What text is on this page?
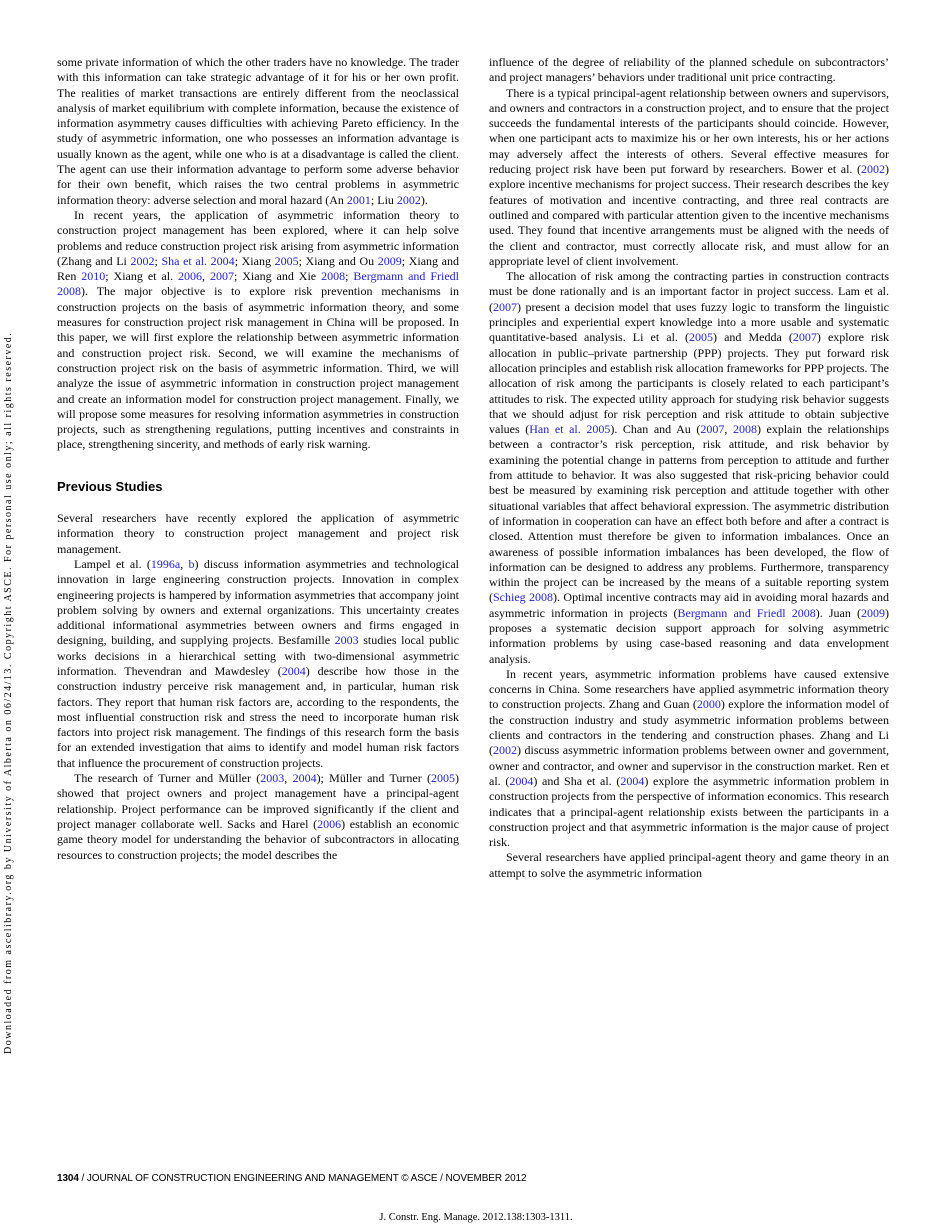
Downloaded from ascelibrary.org by University of Alberta on 06/24/13. Copyright ASCE. For personal use only; all rights reserved.

some private information of which the other traders have no knowledge. The trader with this information can take strategic advantage of it for his or her own profit. The realities of market transactions are entirely different from the neoclassical analysis of market equilibrium with complete information, because the existence of information asymmetry causes difficulties with achieving Pareto efficiency. In the study of asymmetric information, one who possesses an information advantage is usually known as the agent, while one who is at a disadvantage is called the client. The agent can use their information advantage to perform some adverse behavior for their own benefit, which raises the two central problems in asymmetric information theory: adverse selection and moral hazard (An 2001; Liu 2002).

In recent years, the application of asymmetric information theory to construction project management has been explored, where it can help solve problems and reduce construction project risk arising from asymmetric information (Zhang and Li 2002; Sha et al. 2004; Xiang 2005; Xiang and Ou 2009; Xiang and Ren 2010; Xiang et al. 2006, 2007; Xiang and Xie 2008; Bergmann and Friedl 2008). The major objective is to explore risk prevention mechanisms in construction projects on the basis of asymmetric information theory, and some measures for construction project risk management in China will be proposed. In this paper, we will first explore the relationship between asymmetric information and construction project risk. Second, we will examine the mechanisms of construction project risk on the basis of asymmetric information. Third, we will analyze the issue of asymmetric information in construction project management and create an information model for construction project management. Finally, we will propose some measures for resolving information asymmetries in construction projects, such as strengthening regulations, putting incentives and constraints in place, strengthening sincerity, and methods of early risk warning.

Previous Studies

Several researchers have recently explored the application of asymmetric information theory to construction project management and project risk management.

Lampel et al. (1996a, b) discuss information asymmetries and technological innovation in large engineering construction projects. Innovation in complex engineering projects is hampered by information asymmetries that accompany joint problem solving by owners and external organizations. This uncertainty creates additional informational asymmetries between owners and firms engaged in designing, building, and supplying projects. Besfamille 2003 studies local public works decisions in a hierarchical setting with two-dimensional asymmetric information. Thevendran and Mawdesley (2004) describe how those in the construction industry perceive risk management and, in particular, human risk factors. They report that human risk factors are, according to the respondents, the most influential construction risk and stress the need to incorporate human risk factors into project risk management. The findings of this research form the basis for an extended investigation that aims to identify and model human risk factors that influence the procurement of construction projects.

The research of Turner and Müller (2003, 2004); Müller and Turner (2005) showed that project owners and project management have a principal-agent relationship. Project performance can be improved significantly if the client and project manager collaborate well. Sacks and Harel (2006) establish an economic game theory model for understanding the behavior of subcontractors in allocating resources to construction projects; the model describes the

influence of the degree of reliability of the planned schedule on subcontractors’ and project managers’ behaviors under traditional unit price contracting.

There is a typical principal-agent relationship between owners and supervisors, and owners and contractors in a construction project, and to ensure that the project succeeds the fundamental interests of the participants should coincide. However, when one participant acts to maximize his or her own interests, his or her actions may adversely affect the interests of others. Several effective measures for reducing project risk have been put forward by researchers. Bower et al. (2002) explore incentive mechanisms for project success. Their research describes the key features of motivation and incentive contracting, and three real contracts are outlined and compared with particular attention given to the incentive mechanisms used. They found that incentive arrangements must be aligned with the needs of the client and contractor, must correctly allocate risk, and must allow for an appropriate level of client involvement.

The allocation of risk among the contracting parties in construction contracts must be done rationally and is an important factor in project success. Lam et al. (2007) present a decision model that uses fuzzy logic to transform the linguistic principles and experiential expert knowledge into a more usable and systematic quantitative-based analysis. Li et al. (2005) and Medda (2007) explore risk allocation in public–private partnership (PPP) projects. They put forward risk allocation principles and establish risk allocation frameworks for PPP projects. The allocation of risk among the participants is closely related to each participant’s attitudes to risk. The expected utility approach for studying risk behavior suggests that we should adjust for risk perception and risk attitude to obtain subjective values (Han et al. 2005). Chan and Au (2007, 2008) explain the relationships between a contractor’s risk perception, risk attitude, and risk behavior by examining the potential change in patterns from perception to attitude and further from attitude to behavior. It was also suggested that risk-pricing behavior could best be measured by examining risk perception and attitude together with other situational variables that affect behavioral expression. The asymmetric distribution of information in cooperation can have an effect both before and after a contract is closed. Attention must therefore be given to information imbalances. Once an awareness of possible information imbalances has been developed, the flow of information can be designed to address any problems. Furthermore, transparency within the project can be increased by the means of a suitable reporting system (Schieg 2008). Optimal incentive contracts may aid in avoiding moral hazards and asymmetric information in projects (Bergmann and Friedl 2008). Juan (2009) proposes a systematic decision support approach for solving asymmetric information problems by using case-based reasoning and data envelopment analysis.

In recent years, asymmetric information problems have caused extensive concerns in China. Some researchers have applied asymmetric information theory to construction projects. Zhang and Guan (2000) explore the information model of the construction industry and study asymmetric information problems between clients and contractors in the tendering and construction phases. Zhang and Li (2002) discuss asymmetric information problems between owner and government, owner and contractor, and owner and supervisor in the construction market. Ren et al. (2004) and Sha et al. (2004) explore the asymmetric information problem in construction projects from the perspective of information economics. This research indicates that a principal-agent relationship exists between the participants in a construction project and that asymmetric information is the major cause of project risk.

Several researchers have applied principal-agent theory and game theory in an attempt to solve the asymmetric information

1304 / JOURNAL OF CONSTRUCTION ENGINEERING AND MANAGEMENT © ASCE / NOVEMBER 2012
J. Constr. Eng. Manage. 2012.138:1303-1311.
